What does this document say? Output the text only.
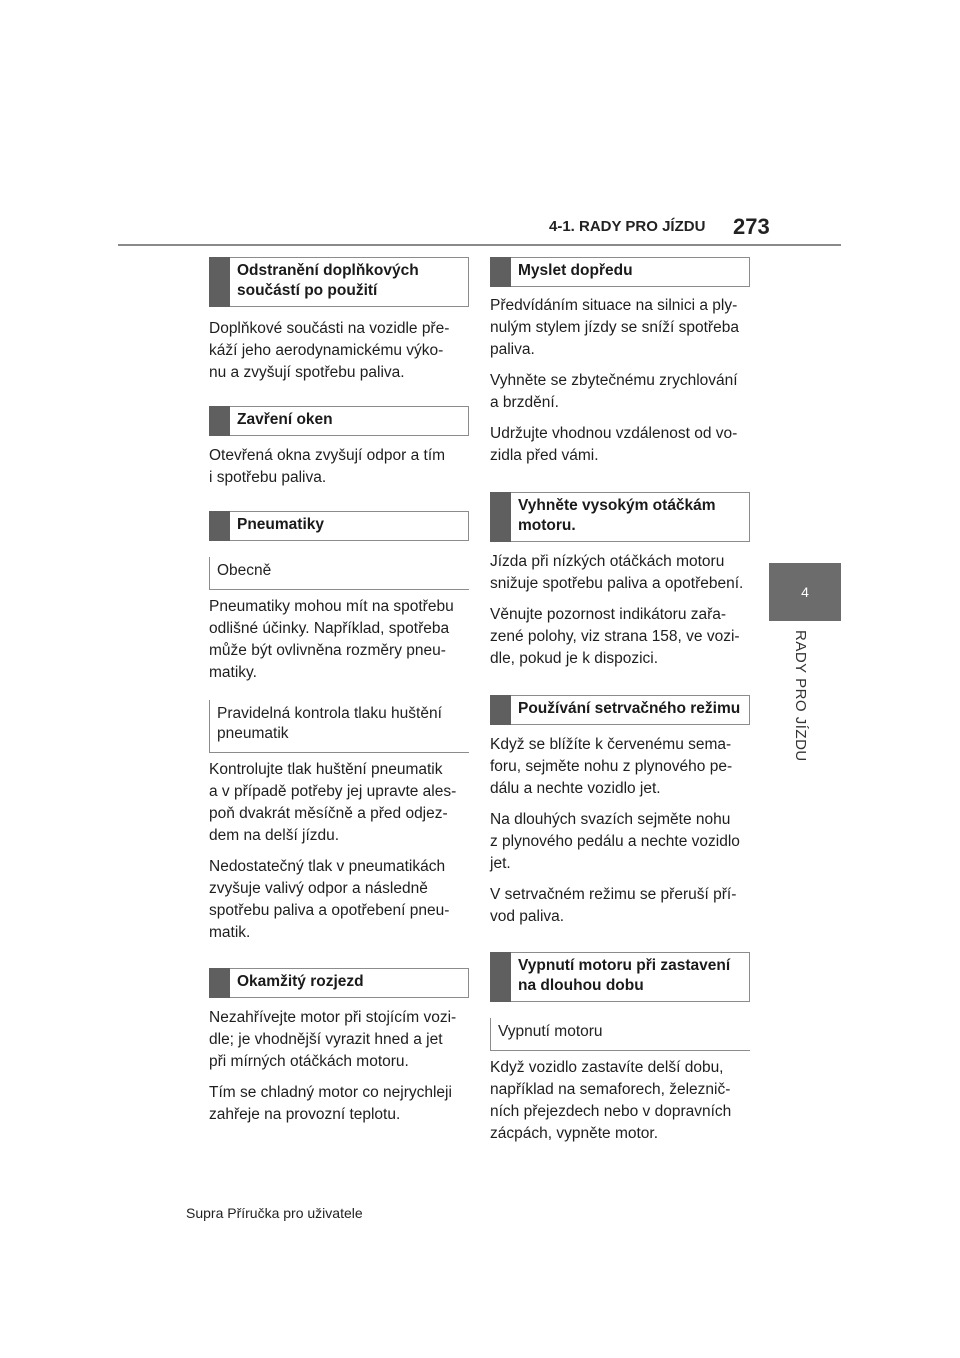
4-1. RADY PRO JÍZDU 273
4
RADY PRO JÍZDU
Odstranění doplňkových součástí po použití

Doplňkové součásti na vozidle pře-
káží jeho aerodynamickému výko-
nu a zvyšují spotřebu paliva.

Zavření oken

Otevřená okna zvyšují odpor a tím
i spotřebu paliva.

Pneumatiky
Obecně

Pneumatiky mohou mít na spotřebu
odlišné účinky. Například, spotřeba
může být ovlivněna rozměry pneu-
matiky.

Pravidelná kontrola tlaku huštění
pneumatik

Kontrolujte tlak huštění pneumatik
a v případě potřeby jej upravte ales-
poň dvakrát měsíčně a před odjez-
dem na delší jízdu.

Nedostatečný tlak v pneumatikách
zvyšuje valivý odpor a následně
spotřebu paliva a opotřebení pneu-
matik.

Okamžitý rozjezd

Nezahřívejte motor při stojícím vozi-
dle; je vhodnější vyrazit hned a jet
při mírných otáčkách motoru.

Tím se chladný motor co nejrychleji
zahřeje na provozní teplotu.

Myslet dopředu

Předvídáním situace na silnici a ply-
nulým stylem jízdy se sníží spotřeba
paliva.

Vyhněte se zbytečnému zrychlování
a brzdění.

Udržujte vhodnou vzdálenost od vo-
zidla před vámi.

Vyhněte vysokým otáčkám motoru.

Jízda při nízkých otáčkách motoru
snižuje spotřebu paliva a opotřebení.

Věnujte pozornost indikátoru zařa-
zené polohy, viz strana 158, ve vozi-
dle, pokud je k dispozici.

Používání setrvačného režimu

Když se blížíte k červenému sema-
foru, sejměte nohu z plynového pe-
dálu a nechte vozidlo jet.

Na dlouhých svazích sejměte nohu
z plynového pedálu a nechte vozidlo
jet.

V setrvačném režimu se přeruší pří-
vod paliva.

Vypnutí motoru při zastavení na dlouhou dobu
Vypnutí motoru

Když vozidlo zastavíte delší dobu,
například na semaforech, železnič-
ních přejezdech nebo v dopravních
zácpách, vypněte motor.

Supra Příručka pro uživatele
